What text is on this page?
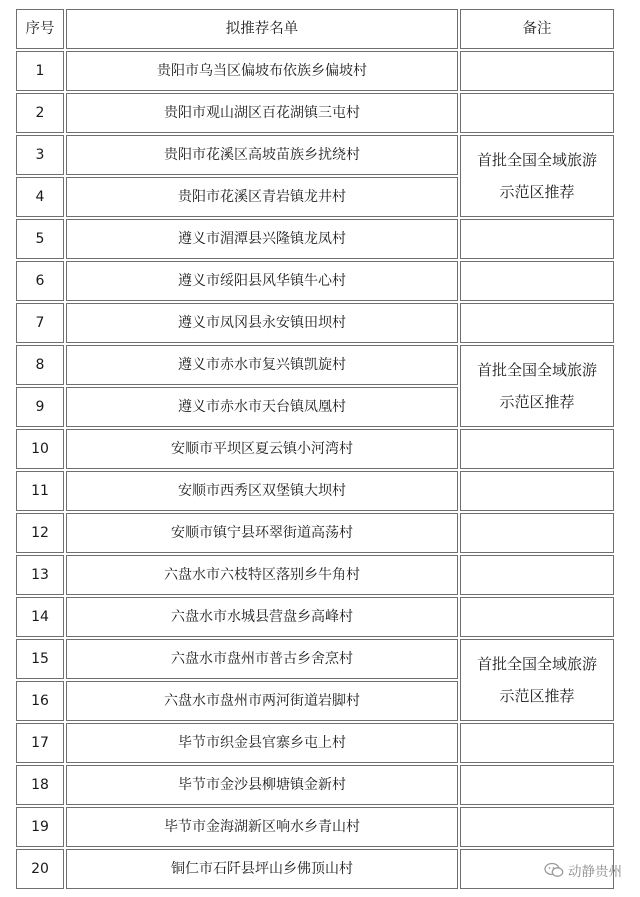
序号	拟推荐名单	备注
1	贵阳市乌当区偏坡布依族乡偏坡村	
2	贵阳市观山湖区百花湖镇三屯村	
3	贵阳市花溪区高坡苗族乡扰绕村	首批全国全域旅游
示范区推荐

4	贵阳市花溪区青岩镇龙井村	
5	遵义市湄潭县兴隆镇龙凤村	
6	遵义市绥阳县风华镇牛心村	
7	遵义市凤冈县永安镇田坝村	
8	遵义市赤水市复兴镇凯旋村	首批全国全域旅游
示范区推荐

9	遵义市赤水市天台镇凤凰村	
10	安顺市平坝区夏云镇小河湾村	
11	安顺市西秀区双堡镇大坝村	
12	安顺市镇宁县环翠街道高荡村	
13	六盘水市六枝特区落别乡牛角村	
14	六盘水市水城县营盘乡高峰村	
15	六盘水市盘州市普古乡舍烹村	首批全国全域旅游
示范区推荐

16	六盘水市盘州市两河街道岩脚村	
17	毕节市织金县官寨乡屯上村	
18	毕节市金沙县柳塘镇金新村	
19	毕节市金海湖新区响水乡青山村	
20	铜仁市石阡县坪山乡佛顶山村		动静贵州
